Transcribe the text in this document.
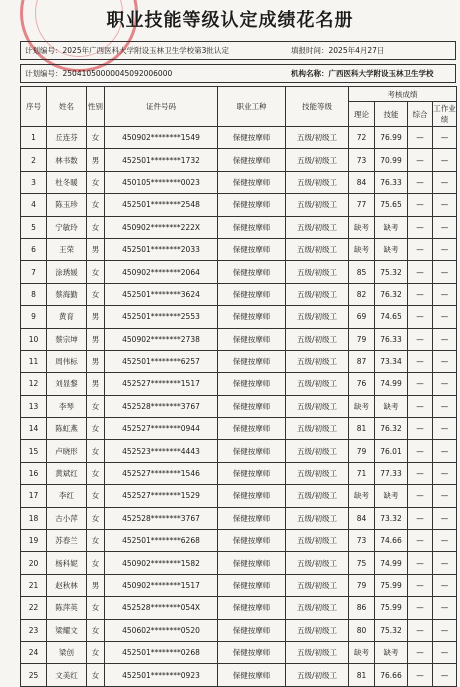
职业技能等级认定成绩花名册
计划编号：2025年广西医科大学附设玉林卫生学校第3批认定	填报时间：2025年4月27日
计划编号：25041050000045092006000	机构名称：广西医科大学附设玉林卫生学校
序号	姓名	性别	证件号码	职业工种	技能等级	考核成绩			
						理论	技能	综合	工作业绩
1	丘连芬	女	450902********1549	保健按摩师	五级/初级工	72	76.99	—	—
2	林书数	男	452501********1732	保健按摩师	五级/初级工	73	70.99	—	—
3	杜冬暖	女	450105********0023	保健按摩师	五级/初级工	84	76.33	—	—
4	陈玉珍	女	452501********2548	保健按摩师	五级/初级工	77	75.65	—	—
5	宁敏玲	女	450902********222X	保健按摩师	五级/初级工	缺考	缺考	—	—
6	王荣	男	452501********2033	保健按摩师	五级/初级工	缺考	缺考	—	—
7	涂琇媛	女	450902********2064	保健按摩师	五级/初级工	85	75.32	—	—
8	蔡海勤	女	452501********3624	保健按摩师	五级/初级工	82	76.32	—	—
9	黄育	男	452501********2553	保健按摩师	五级/初级工	69	74.65	—	—
10	蔡宗坤	男	450902********2738	保健按摩师	五级/初级工	79	76.33	—	—
11	周伟标	男	452501********6257	保健按摩师	五级/初级工	87	73.34	—	—
12	刘显黎	男	452527********1517	保健按摩师	五级/初级工	76	74.99	—	—
13	李琴	女	452528********3767	保健按摩师	五级/初级工	缺考	缺考	—	—
14	陈虹燕	女	452527********0944	保健按摩师	五级/初级工	81	76.32	—	—
15	卢晓形	女	452523********4443	保健按摩师	五级/初级工	79	76.01	—	—
16	黄斌红	女	452527********1546	保健按摩师	五级/初级工	71	77.33	—	—
17	李红	女	452527********1529	保健按摩师	五级/初级工	缺考	缺考	—	—
18	古小萍	女	452528********3767	保健按摩师	五级/初级工	84	73.32	—	—
19	苏春兰	女	452501********6268	保健按摩师	五级/初级工	73	74.66	—	—
20	杨科妮	女	450902********1582	保健按摩师	五级/初级工	75	74.99	—	—
21	赵秋林	男	450902********1517	保健按摩师	五级/初级工	79	75.99	—	—
22	陈萍英	女	452528********054X	保健按摩师	五级/初级工	86	75.99	—	—
23	梁耀文	女	450602********0520	保健按摩师	五级/初级工	80	75.32	—	—
24	梁创	女	452501********0268	保健按摩师	五级/初级工	缺考	缺考	—	—
25	文美红	女	452501********0923	保健按摩师	五级/初级工	81	76.66	—	—
